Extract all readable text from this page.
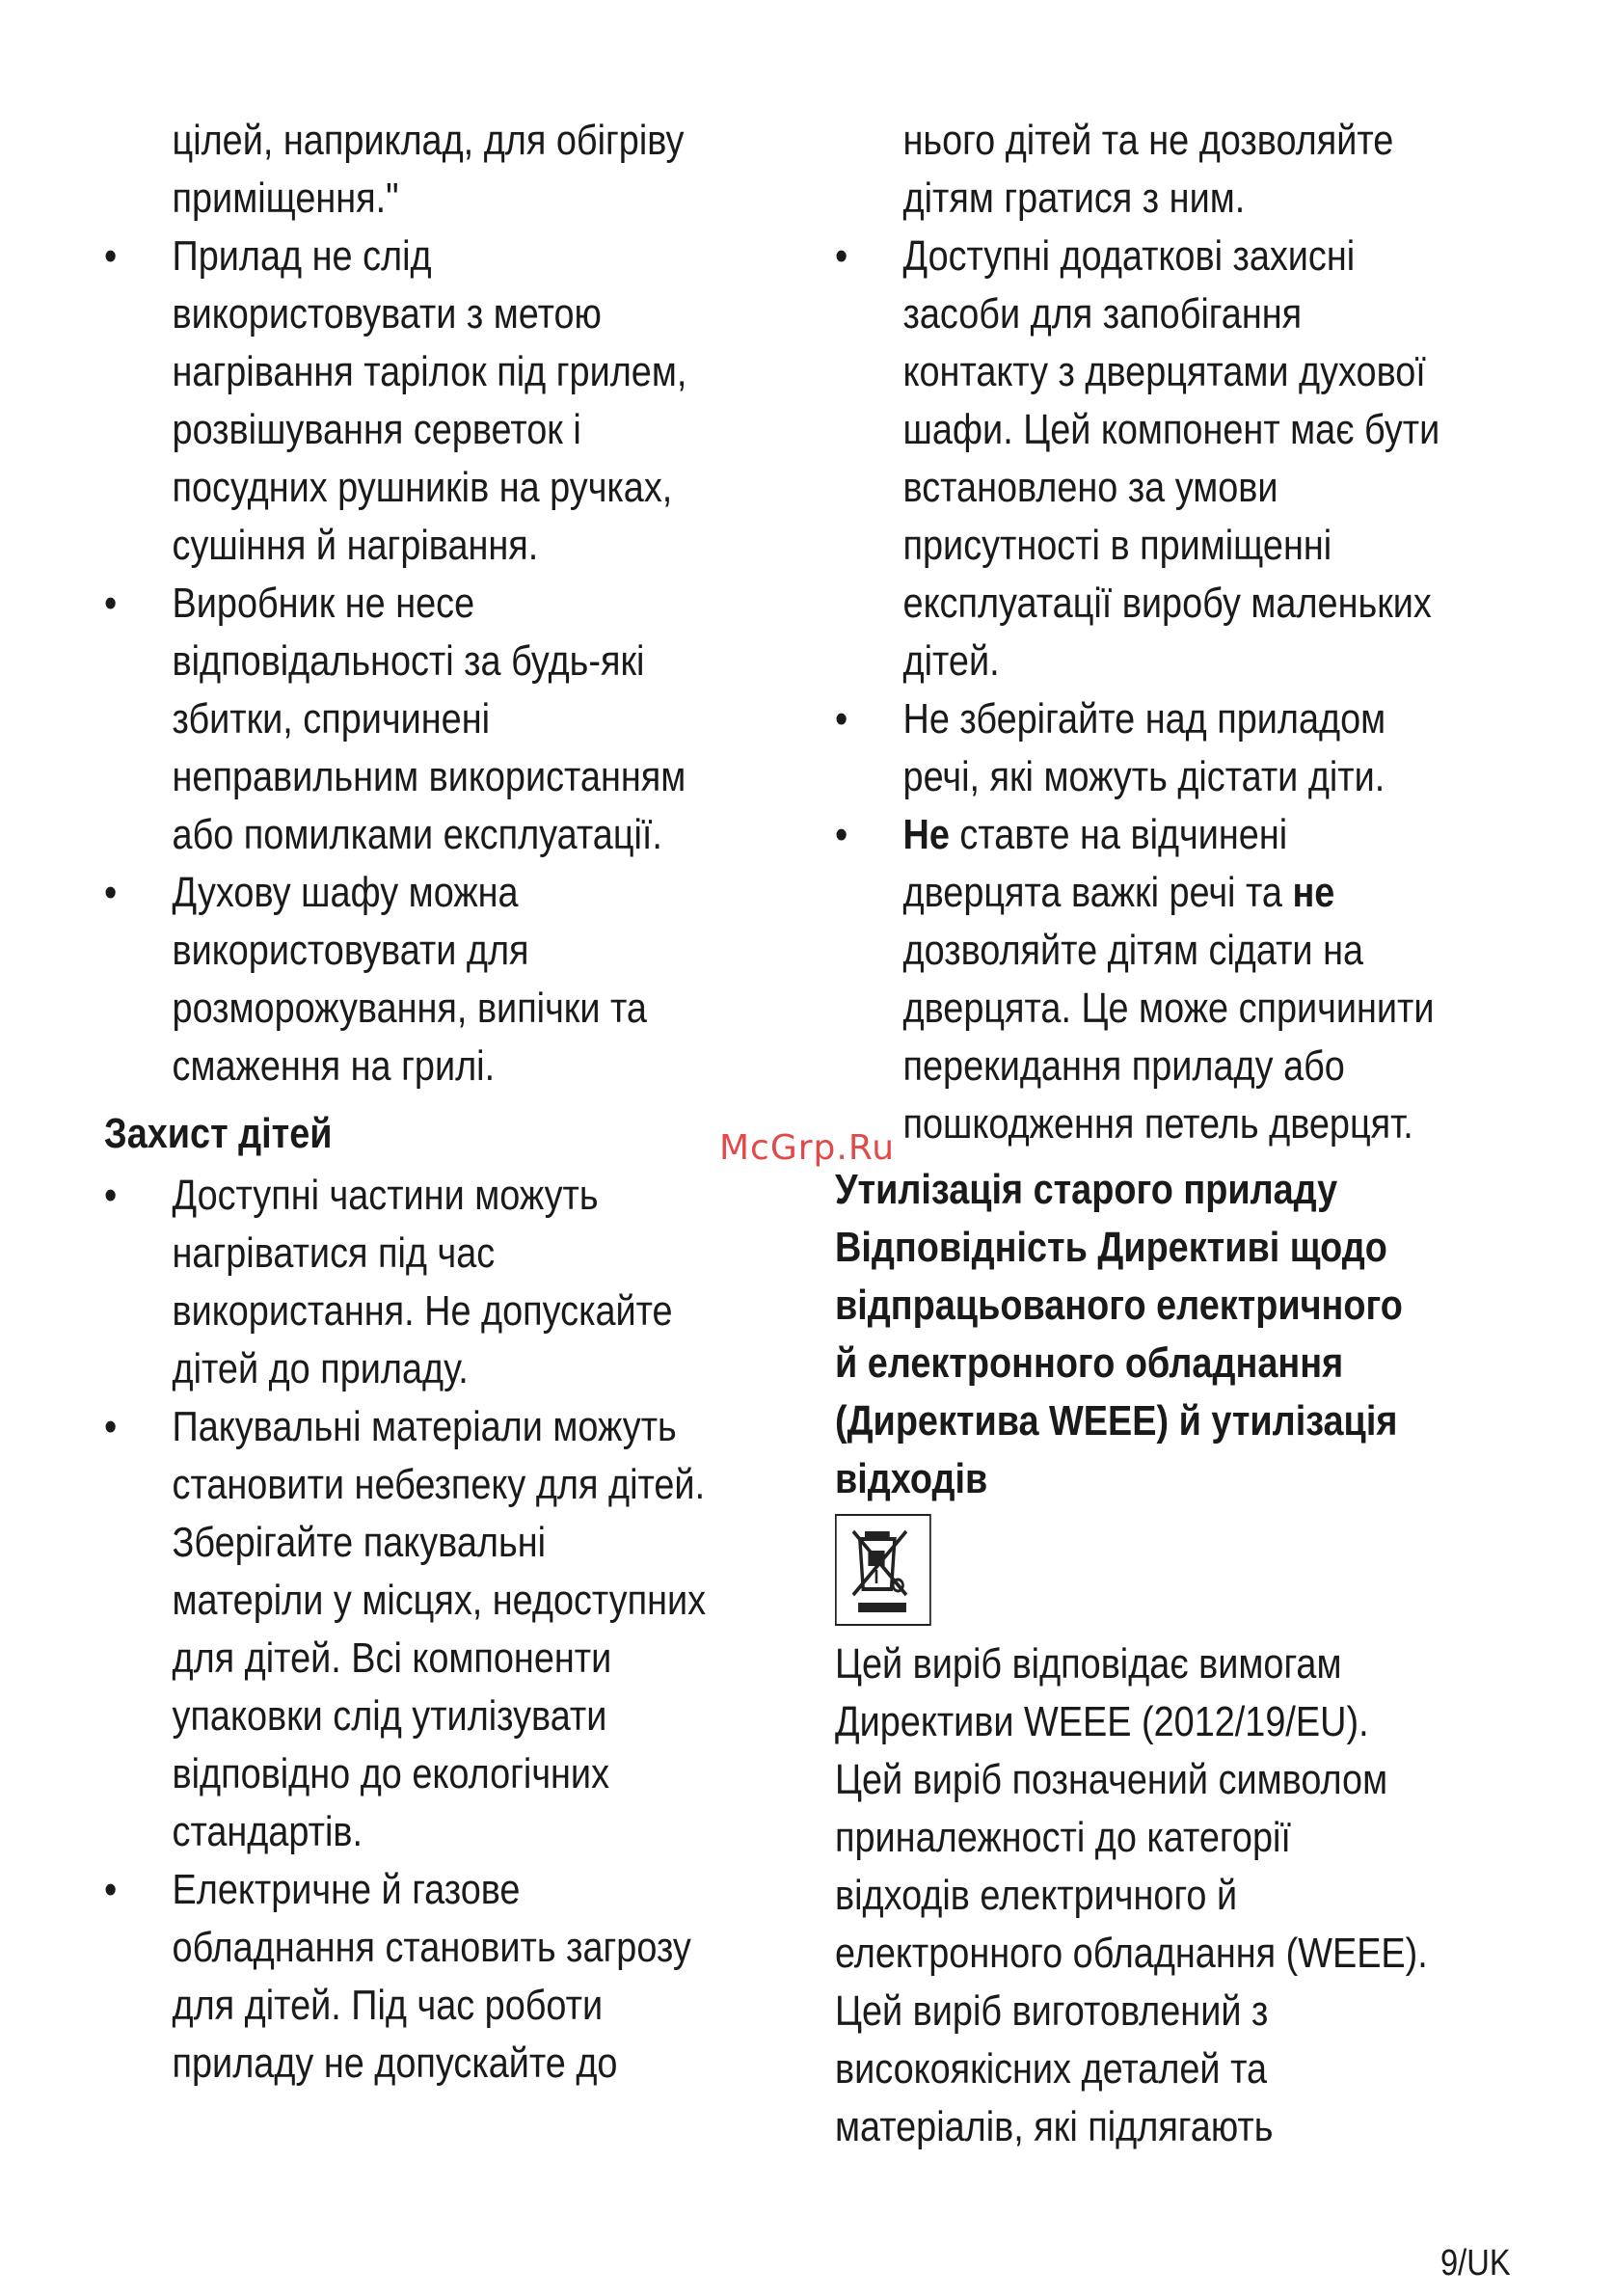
цілей, наприклад, для обігріву
приміщення."
• Прилад не слід
використовувати з метою
нагрівання тарілок під грилем,
розвішування серветок і
посудних рушників на ручках,
сушіння й нагрівання.
• Виробник не несе
відповідальності за будь-які
збитки, спричинені
неправильним використанням
або помилками експлуатації.
• Духову шафу можна
використовувати для
розморожування, випічки та
смаження на грилі.
Захист дітей
• Доступні частини можуть
нагріватися під час
використання. Не допускайте
дітей до приладу.
• Пакувальні матеріали можуть
становити небезпеку для дітей.
Зберігайте пакувальні
матеріли у місцях, недоступних
для дітей. Всі компоненти
упаковки слід утилізувати
відповідно до екологічних
стандартів.
• Електричне й газове
обладнання становить загрозу
для дітей. Під час роботи
приладу не допускайте до
нього дітей та не дозволяйте
дітям гратися з ним.
• Доступні додаткові захисні
засоби для запобігання
контакту з дверцятами духової
шафи. Цей компонент має бути
встановлено за умови
присутності в приміщенні
експлуатації виробу маленьких
дітей.
• Не зберігайте над приладом
речі, які можуть дістати діти.
• Не ставте на відчинені
дверцята важкі речі та не
дозволяйте дітям сідати на
дверцята. Це може спричинити
перекидання приладу або
пошкодження петель дверцят.
Утилізація старого приладу
Відповідність Директиві щодо
відпрацьованого електричного
й електронного обладнання
(Директива WEEE) й утилізація
відходів
Цей виріб відповідає вимогам
Директиви WEEE (2012/19/EU).
Цей виріб позначений символом
приналежності до категорії
відходів електричного й
електронного обладнання (WEEE).
Цей виріб виготовлений з
високоякісних деталей та
матеріалів, які підлягають
McGrp.Ru
9/UK
